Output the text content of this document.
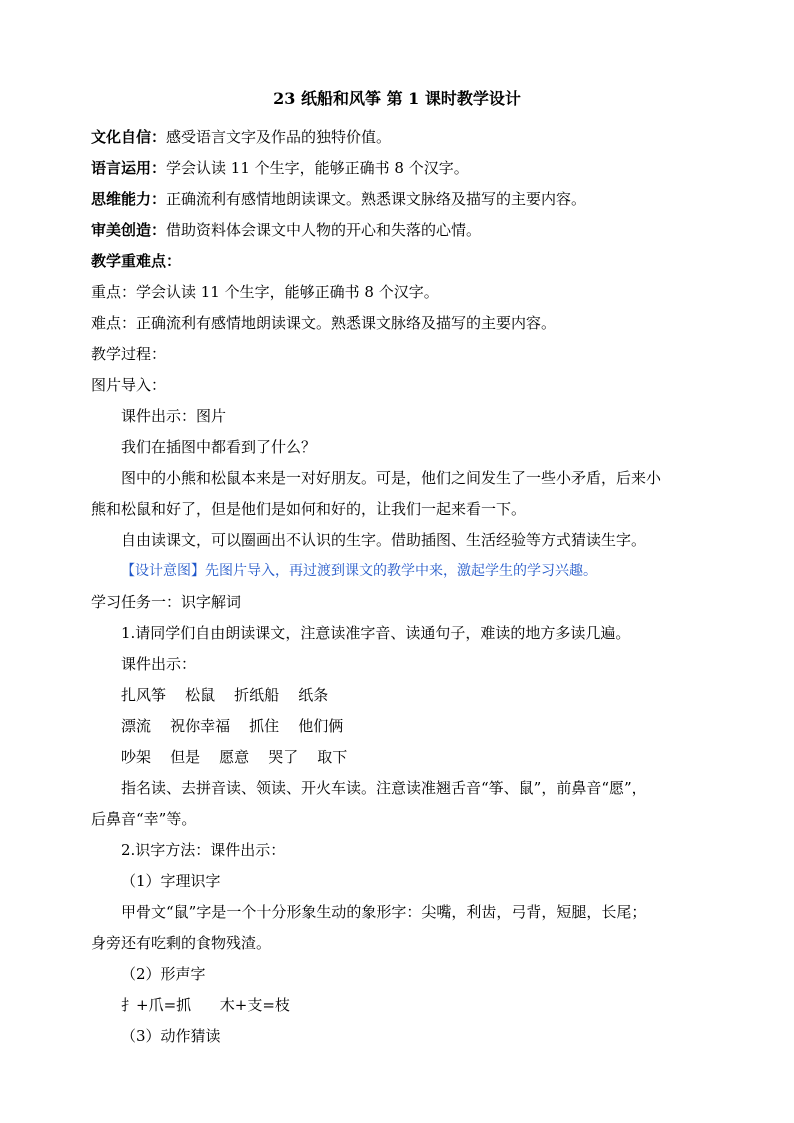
23 纸船和风筝 第 1 课时教学设计
文化自信：感受语言文字及作品的独特价值。
语言运用：学会认读 11 个生字，能够正确书 8 个汉字。
思维能力：正确流利有感情地朗读课文。熟悉课文脉络及描写的主要内容。
审美创造：借助资料体会课文中人物的开心和失落的心情。
教学重难点：
重点：学会认读 11 个生字，能够正确书 8 个汉字。
难点：正确流利有感情地朗读课文。熟悉课文脉络及描写的主要内容。
教学过程：
图片导入：
课件出示：图片
我们在插图中都看到了什么？
图中的小熊和松鼠本来是一对好朋友。可是，他们之间发生了一些小矛盾，后来小
熊和松鼠和好了，但是他们是如何和好的，让我们一起来看一下。
自由读课文，可以圈画出不认识的生字。借助插图、生活经验等方式猜读生字。
【设计意图】先图片导入，再过渡到课文的教学中来，激起学生的学习兴趣。
学习任务一：识字解词
1.请同学们自由朗读课文，注意读准字音、读通句子，难读的地方多读几遍。
课件出示：
扎风筝    松鼠    折纸船    纸条
漂流    祝你幸福    抓住    他们俩
吵架    但是    愿意    哭了    取下
指名读、去拼音读、领读、开火车读。注意读准翘舌音“筝、鼠”，前鼻音“愿”，
后鼻音“幸”等。
2.识字方法：课件出示：
（1）字理识字
甲骨文“鼠”字是一个十分形象生动的象形字：尖嘴，利齿，弓背，短腿，长尾；
身旁还有吃剩的食物残渣。
（2）形声字
扌+爪=抓      木+支=枝
（3）动作猜读
